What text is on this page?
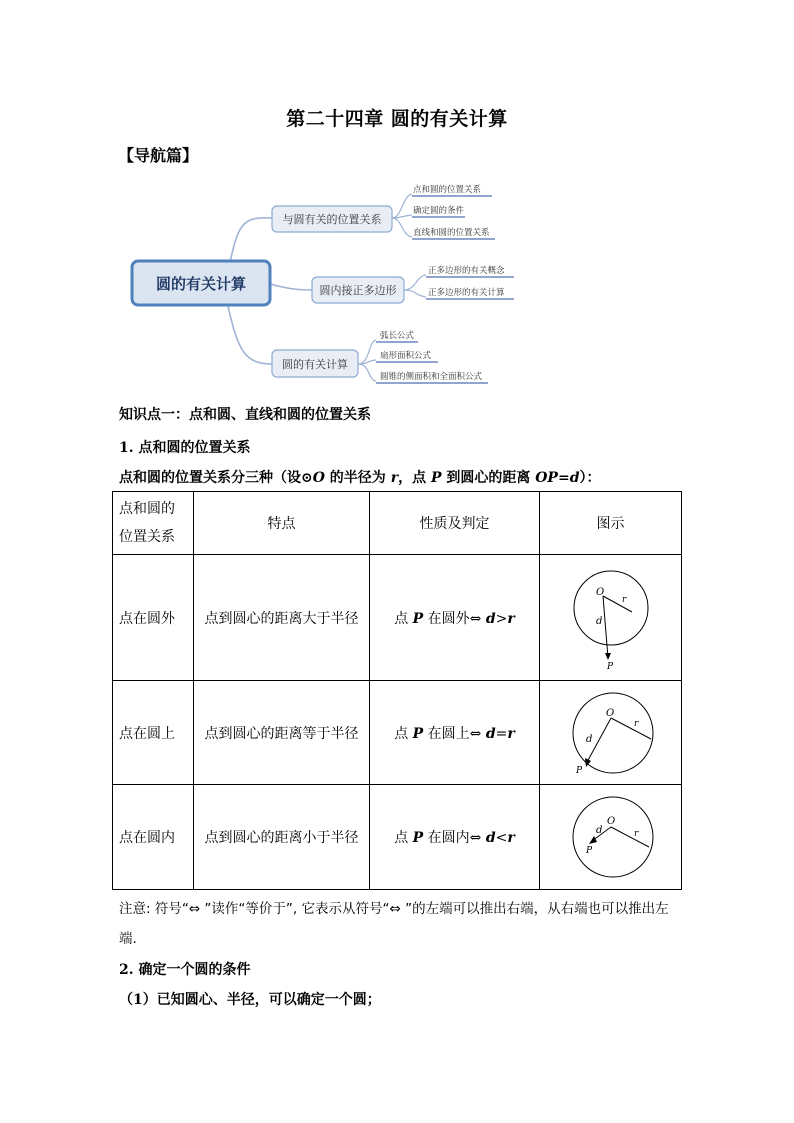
第二十四章 圆的有关计算
【导航篇】
圆的有关计算
与圆有关的位置关系
圆内接正多边形
圆的有关计算
点和圆的位置关系
确定圆的条件
直线和圆的位置关系
正多边形的有关概念
正多边形的有关计算
弧长公式
扇形面积公式
圆锥的侧面积和全面积公式
知识点一：点和圆、直线和圆的位置关系
1. 点和圆的位置关系
点和圆的位置关系分三种（设⊙O 的半径为 r，点 P 到圆心的距离 OP=d）：
点和圆的位置关系	特点	性质及判定	图示
点在圆外	点到圆心的距离大于半径	点 P 在圆外⇔ d>r	O
r
d
P

点在圆上	点到圆心的距离等于半径	点 P 在圆上⇔ d=r	O
r
d
P

点在圆内	点到圆心的距离小于半径	点 P 在圆内⇔ d<r	O
r
d
P
注意: 符号“⇔ ”读作“等价于”, 它表示从符号“⇔ ”的左端可以推出右端，从右端也可以推出左端.
2. 确定一个圆的条件
（1）已知圆心、半径，可以确定一个圆；
